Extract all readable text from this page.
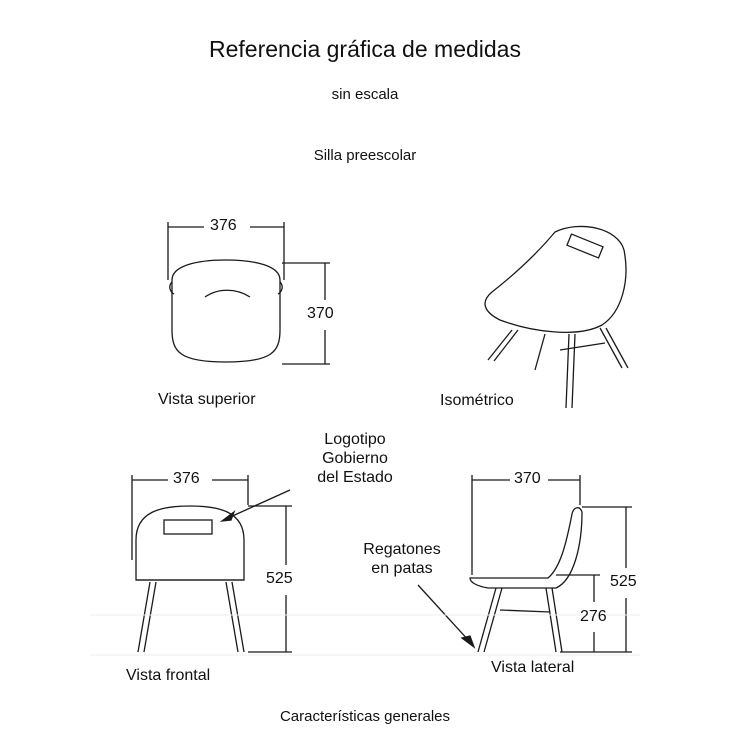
Referencia gráfica de medidas
sin escala
Silla preescolar
376
370
376
525
370
525
276
Vista superior	Isométrico
Vista frontal	Vista lateral
Logotipo
Gobierno
del Estado
Regatones
en patas
Características generales
